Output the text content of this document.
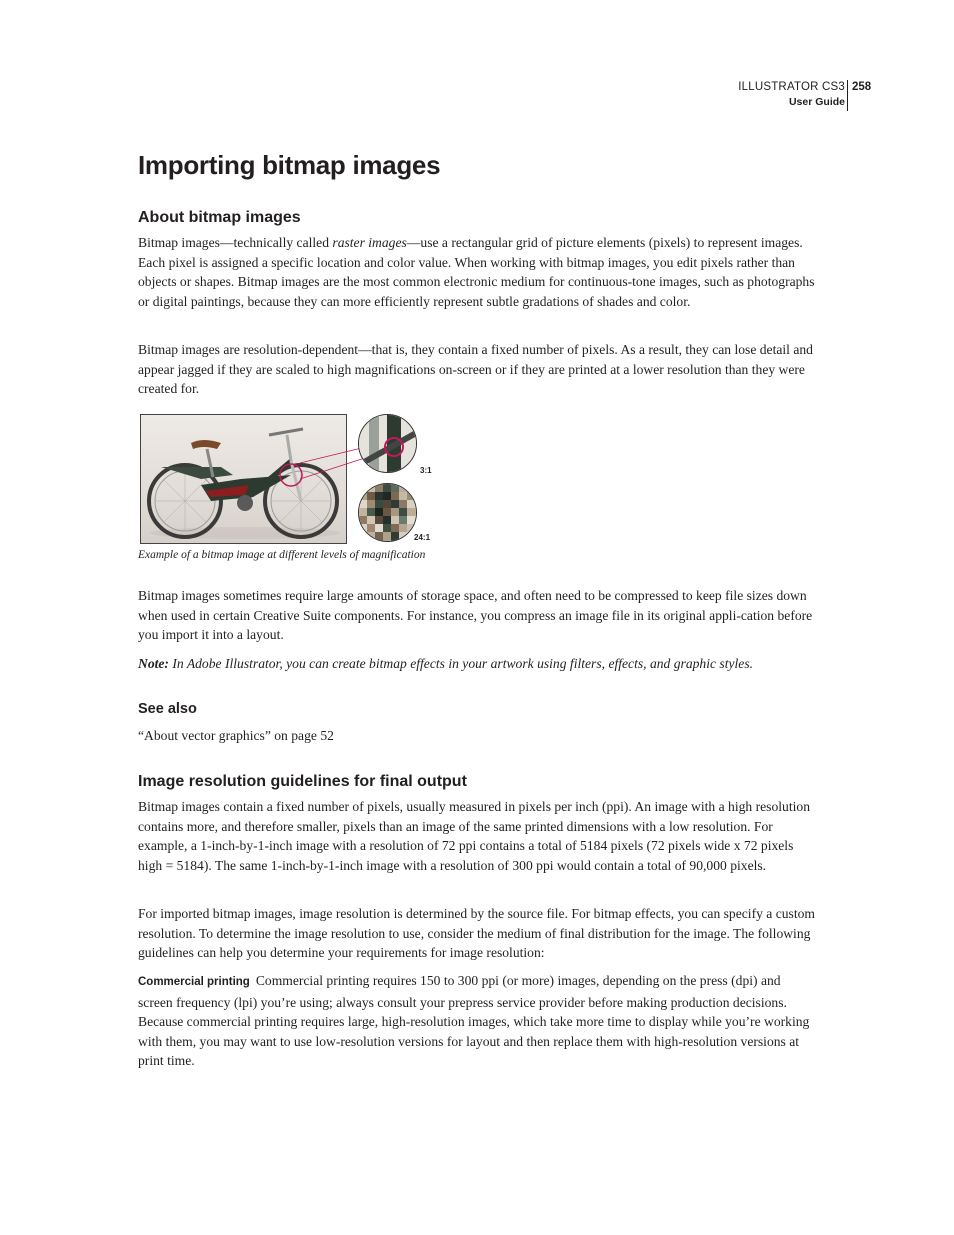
ILLUSTRATOR CS3
User Guide
258
Importing bitmap images
About bitmap images

Bitmap images—technically called raster images—use a rectangular grid of picture elements (pixels) to represent images. Each pixel is assigned a specific location and color value. When working with bitmap images, you edit pixels rather than objects or shapes. Bitmap images are the most common electronic medium for continuous-tone images, such as photographs or digital paintings, because they can more efficiently represent subtle gradations of shades and color.

Bitmap images are resolution-dependent—that is, they contain a fixed number of pixels. As a result, they can lose detail and appear jagged if they are scaled to high magnifications on-screen or if they are printed at a lower resolution than they were created for.

3:1
24:1
Example of a bitmap image at different levels of magnification

Bitmap images sometimes require large amounts of storage space, and often need to be compressed to keep file sizes down when used in certain Creative Suite components. For instance, you compress an image file in its original appli-cation before you import it into a layout.

Note: In Adobe Illustrator, you can create bitmap effects in your artwork using filters, effects, and graphic styles.

See also

“About vector graphics” on page 52

Image resolution guidelines for final output

Bitmap images contain a fixed number of pixels, usually measured in pixels per inch (ppi). An image with a high resolution contains more, and therefore smaller, pixels than an image of the same printed dimensions with a low resolution. For example, a 1-inch-by-1-inch image with a resolution of 72 ppi contains a total of 5184 pixels (72 pixels wide x 72 pixels high = 5184). The same 1-inch-by-1-inch image with a resolution of 300 ppi would contain a total of 90,000 pixels.

For imported bitmap images, image resolution is determined by the source file. For bitmap effects, you can specify a custom resolution. To determine the image resolution to use, consider the medium of final distribution for the image. The following guidelines can help you determine your requirements for image resolution:

Commercial printing Commercial printing requires 150 to 300 ppi (or more) images, depending on the press (dpi) and screen frequency (lpi) you’re using; always consult your prepress service provider before making production decisions. Because commercial printing requires large, high-resolution images, which take more time to display while you’re working with them, you may want to use low-resolution versions for layout and then replace them with high-resolution versions at print time.
